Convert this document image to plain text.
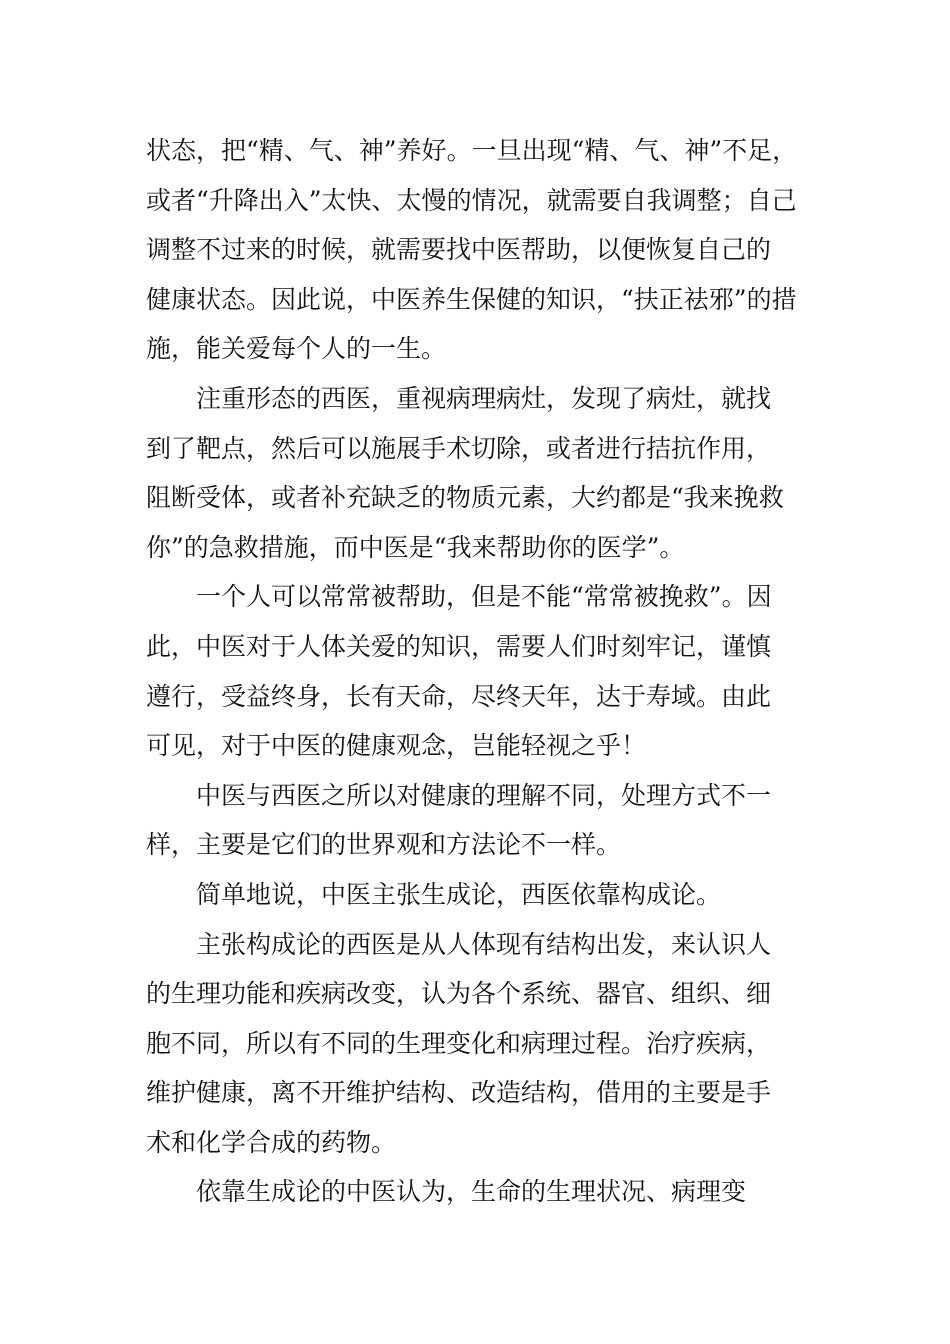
状态，把“精、气、神”养好。一旦出现“精、气、神”不足，
或者“升降出入”太快、太慢的情况，就需要自我调整；自己
调整不过来的时候，就需要找中医帮助，以便恢复自己的
健康状态。因此说，中医养生保健的知识，“扶正祛邪”的措
施，能关爱每个人的一生。
注重形态的西医，重视病理病灶，发现了病灶，就找
到了靶点，然后可以施展手术切除，或者进行拮抗作用，
阻断受体，或者补充缺乏的物质元素，大约都是“我来挽救
你”的急救措施，而中医是“我来帮助你的医学”。
一个人可以常常被帮助，但是不能“常常被挽救”。因
此，中医对于人体关爱的知识，需要人们时刻牢记，谨慎
遵行，受益终身，长有天命，尽终天年，达于寿域。由此
可见，对于中医的健康观念，岂能轻视之乎！
中医与西医之所以对健康的理解不同，处理方式不一
样，主要是它们的世界观和方法论不一样。
简单地说，中医主张生成论，西医依靠构成论。
主张构成论的西医是从人体现有结构出发，来认识人
的生理功能和疾病改变，认为各个系统、器官、组织、细
胞不同，所以有不同的生理变化和病理过程。治疗疾病，
维护健康，离不开维护结构、改造结构，借用的主要是手
术和化学合成的药物。
依靠生成论的中医认为，生命的生理状况、病理变
